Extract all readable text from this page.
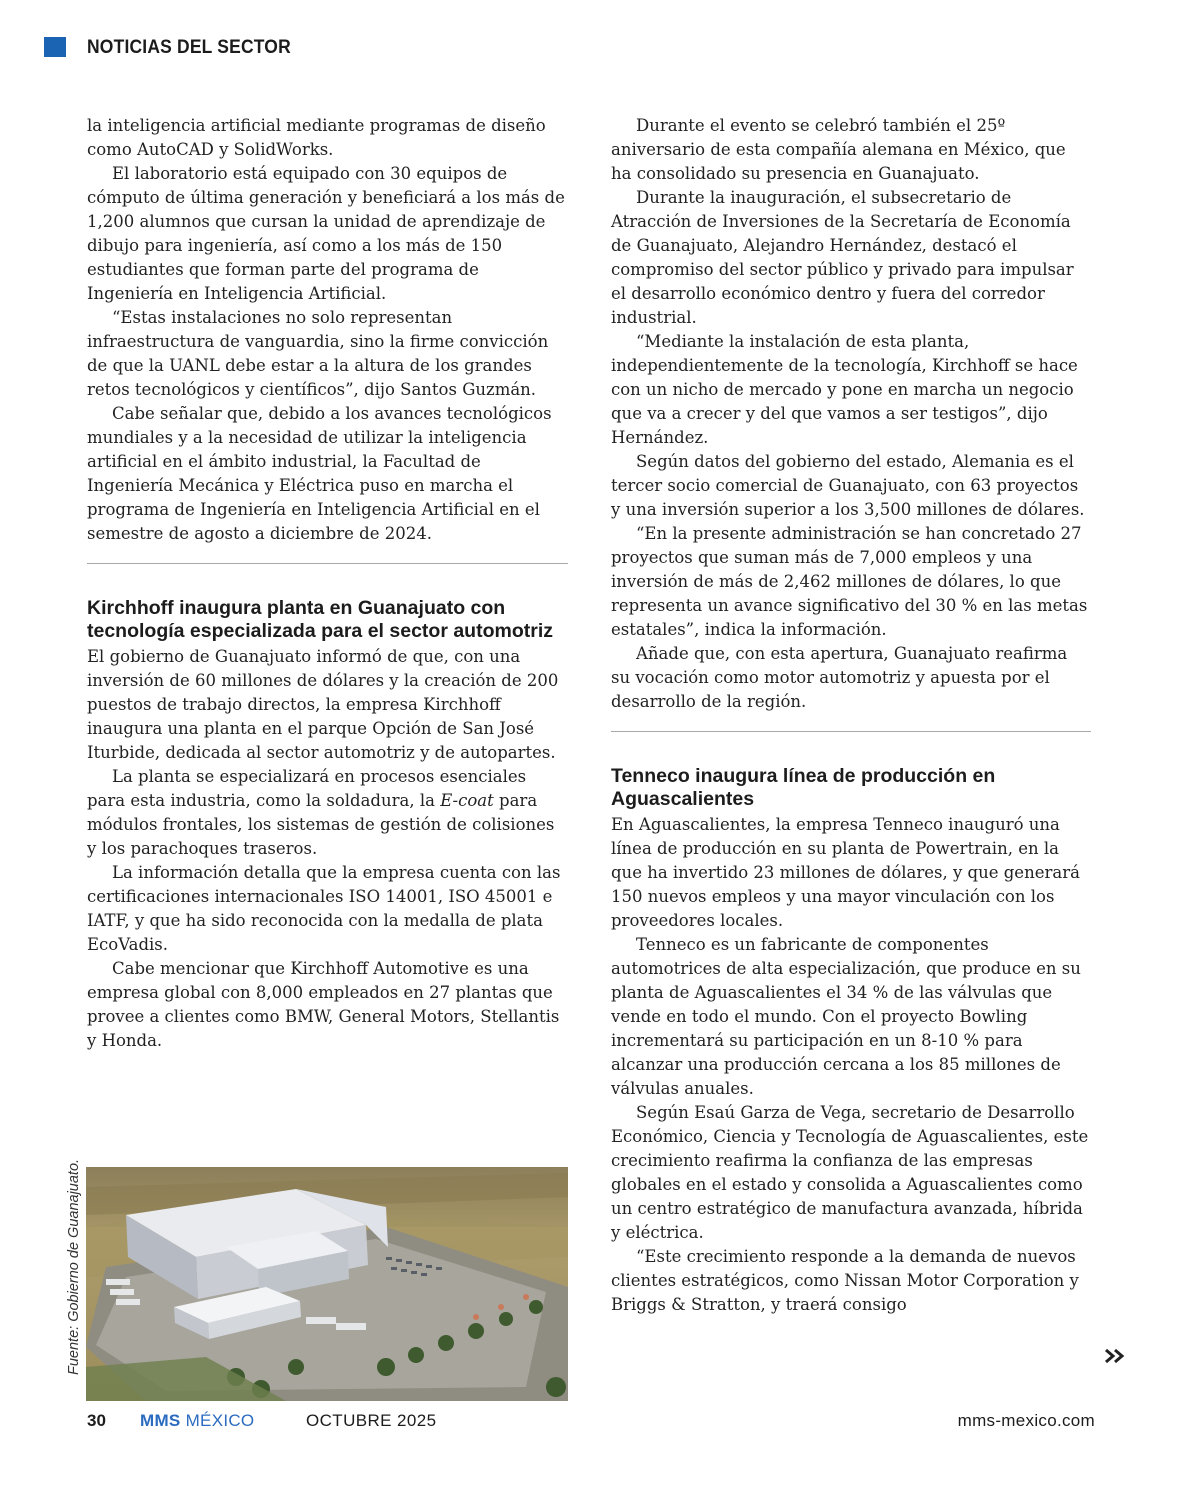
NOTICIAS DEL SECTOR

la inteligencia artificial mediante programas de diseño como AutoCAD y SolidWorks.

El laboratorio está equipado con 30 equipos de cómputo de última generación y beneficiará a los más de 1,200 alumnos que cursan la unidad de aprendizaje de dibujo para ingeniería, así como a los más de 150 estudiantes que forman parte del programa de Ingeniería en Inteligencia Artificial.

“Estas instalaciones no solo representan infraestructura de vanguardia, sino la firme convicción de que la UANL debe estar a la altura de los grandes retos tecnológicos y científicos”, dijo Santos Guzmán.

Cabe señalar que, debido a los avances tecnológicos mundiales y a la necesidad de utilizar la inteligencia artificial en el ámbito industrial, la Facultad de Ingeniería Mecánica y Eléctrica puso en marcha el programa de Ingeniería en Inteligencia Artificial en el semestre de agosto a diciembre de 2024.

Kirchhoff inaugura planta en Guanajuato con tecnología especializada para el sector automotriz

El gobierno de Guanajuato informó de que, con una inversión de 60 millones de dólares y la creación de 200 puestos de trabajo directos, la empresa Kirchhoff inaugura una planta en el parque Opción de San José Iturbide, dedicada al sector automotriz y de autopartes.

La planta se especializará en procesos esenciales para esta industria, como la soldadura, la E-coat para módulos frontales, los sistemas de gestión de colisiones y los parachoques traseros.

La información detalla que la empresa cuenta con las certificaciones internacionales ISO 14001, ISO 45001 e IATF, y que ha sido reconocida con la medalla de plata EcoVadis.

Cabe mencionar que Kirchhoff Automotive es una empresa global con 8,000 empleados en 27 plantas que provee a clientes como BMW, General Motors, Stellantis y Honda.

Fuente: Gobierno de Guanajuato.

Durante el evento se celebró también el 25º aniversario de esta compañía alemana en México, que ha consolidado su presencia en Guanajuato.

Durante la inauguración, el subsecretario de Atracción de Inversiones de la Secretaría de Economía de Guanajuato, Alejandro Hernández, destacó el compromiso del sector público y privado para impulsar el desarrollo económico dentro y fuera del corredor industrial.

“Mediante la instalación de esta planta, independientemente de la tecnología, Kirchhoff se hace con un nicho de mercado y pone en marcha un negocio que va a crecer y del que vamos a ser testigos”, dijo Hernández.

Según datos del gobierno del estado, Alemania es el tercer socio comercial de Guanajuato, con 63 proyectos y una inversión superior a los 3,500 millones de dólares.

“En la presente administración se han concretado 27 proyectos que suman más de 7,000 empleos y una inversión de más de 2,462 millones de dólares, lo que representa un avance significativo del 30 % en las metas estatales”, indica la información.

Añade que, con esta apertura, Guanajuato reafirma su vocación como motor automotriz y apuesta por el desarrollo de la región.

Tenneco inaugura línea de producción en Aguascalientes

En Aguascalientes, la empresa Tenneco inauguró una línea de producción en su planta de Powertrain, en la que ha invertido 23 millones de dólares, y que generará 150 nuevos empleos y una mayor vinculación con los proveedores locales.

Tenneco es un fabricante de componentes automotrices de alta especialización, que produce en su planta de Aguascalientes el 34 % de las válvulas que vende en todo el mundo. Con el proyecto Bowling incrementará su participación en un 8-10 % para alcanzar una producción cercana a los 85 millones de válvulas anuales.

Según Esaú Garza de Vega, secretario de Desarrollo Económico, Ciencia y Tecnología de Aguascalientes, este crecimiento reafirma la confianza de las empresas globales en el estado y consolida a Aguascalientes como un centro estratégico de manufactura avanzada, híbrida y eléctrica.

“Este crecimiento responde a la demanda de nuevos clientes estratégicos, como Nissan Motor Corporation y Briggs & Stratton, y traerá consigo

30 MMS MÉXICO	OCTUBRE 2025	mms-mexico.com
